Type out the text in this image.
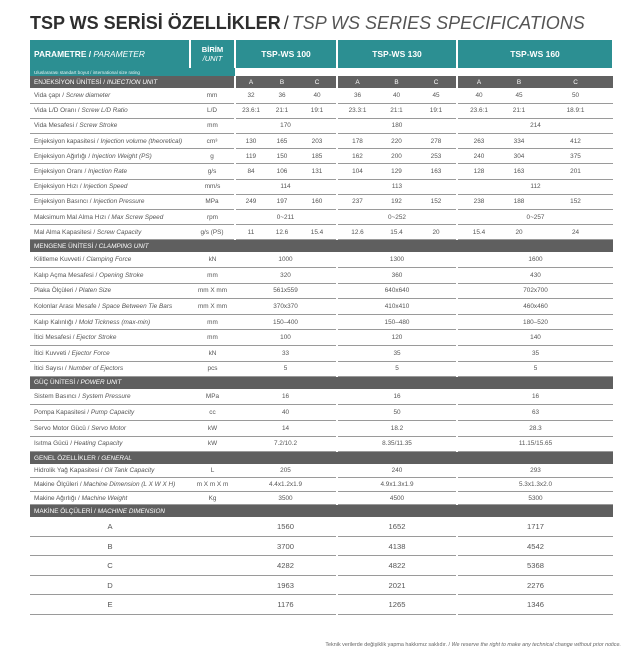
TSP WS SERİSİ ÖZELLİKLER / TSP WS SERIES SPECIFICATIONS
PARAMETRE / PARAMETER	BİRİM
/UNIT	TSP-WS 100			TSP-WS 130			TSP-WS 160		
Uluslararası standart boyut / international size rating										
ENJEKSİYON ÜNİTESİ / INJECTION UNIT		A	B	C	A	B	C	A	B	C
Vida çapı / Screw diameter	mm	32	36	40	36	40	45	40	45	50
Vida L/D Oranı / Screw L/D Ratio	L/D	23.6:1	21:1	19:1	23.3:1	21:1	19:1	23.6:1	21:1	18.9:1
Vida Mesafesi / Screw Stroke	mm	170			180			214		
Enjeksiyon kapasitesi / Injection volume (theoretical)	cm³	130	165	203	178	220	278	263	334	412
Enjeksiyon Ağırlığı / Injection Weight (PS)	g	119	150	185	162	200	253	240	304	375
Enjeksiyon Oranı / Injection Rate	g/s	84	106	131	104	129	163	128	163	201
Enjeksiyon Hızı / Injection Speed	mm/s	114			113			112		
Enjeksiyon Basıncı / Injection Pressure	MPa	249	197	160	237	192	152	238	188	152
Maksimum Mal Alma Hızı / Max Screw Speed	rpm	0~211			0~252			0~257		
Mal Alma Kapasitesi / Screw Capacity	g/s (PS)	11	12.6	15.4	12.6	15.4	20	15.4	20	24
MENGENE ÜNİTESİ / CLAMPING UNIT										
Kilitleme Kuvveti / Clamping Force	kN	1000			1300			1600		
Kalıp Açma Mesafesi / Opening Stroke	mm	320			360			430		
Plaka Ölçüleri / Platen Size	mm X mm	561x559			640x640			702x700		
Kolonlar Arası Mesafe / Space Between Tie Bars	mm X mm	370x370			410x410			460x460		
Kalıp Kalınlığı / Mold Tickness (max-min)	mm	150–400			150–480			180–520		
İtici Mesafesi / Ejector Stroke	mm	100			120			140		
İtici Kuvveti / Ejector Force	kN	33			35			35		
İtici Sayısı / Number of Ejectors	pcs	5			5			5		
GÜÇ ÜNİTESİ / POWER UNIT										
Sistem Basıncı / System Pressure	MPa	16			16			16		
Pompa Kapasitesi / Pump Capacity	cc	40			50			63		
Servo Motor Gücü / Servo Motor	kW	14			18.2			28.3		
Isıtma Gücü / Heating Capacity	kW	7.2/10.2			8.35/11.35			11.15/15.65		
GENEL ÖZELLİKLER / GENERAL										
Hidrolik Yağ Kapasitesi / Oil Tank Capacity	L	205			240			293		
Makine Ölçüleri / Machine Dimension (L X W X H)	m X m X m	4.4x1.2x1.9			4.9x1.3x1.9			5.3x1.3x2.0		
Makine Ağırlığı / Machine Weight	Kg	3500			4500			5300		
MAKİNE ÖLÇÜLERİ / MACHINE DIMENSION										
A		1560			1652			1717		
B		3700			4138			4542		
C		4282			4822			5368		
D		1963			2021			2276		
E		1176			1265			1346		
Teknik verilerde değişiklik yapma hakkımız saklıdır. / We reserve the right to make any technical change without prior notice.
